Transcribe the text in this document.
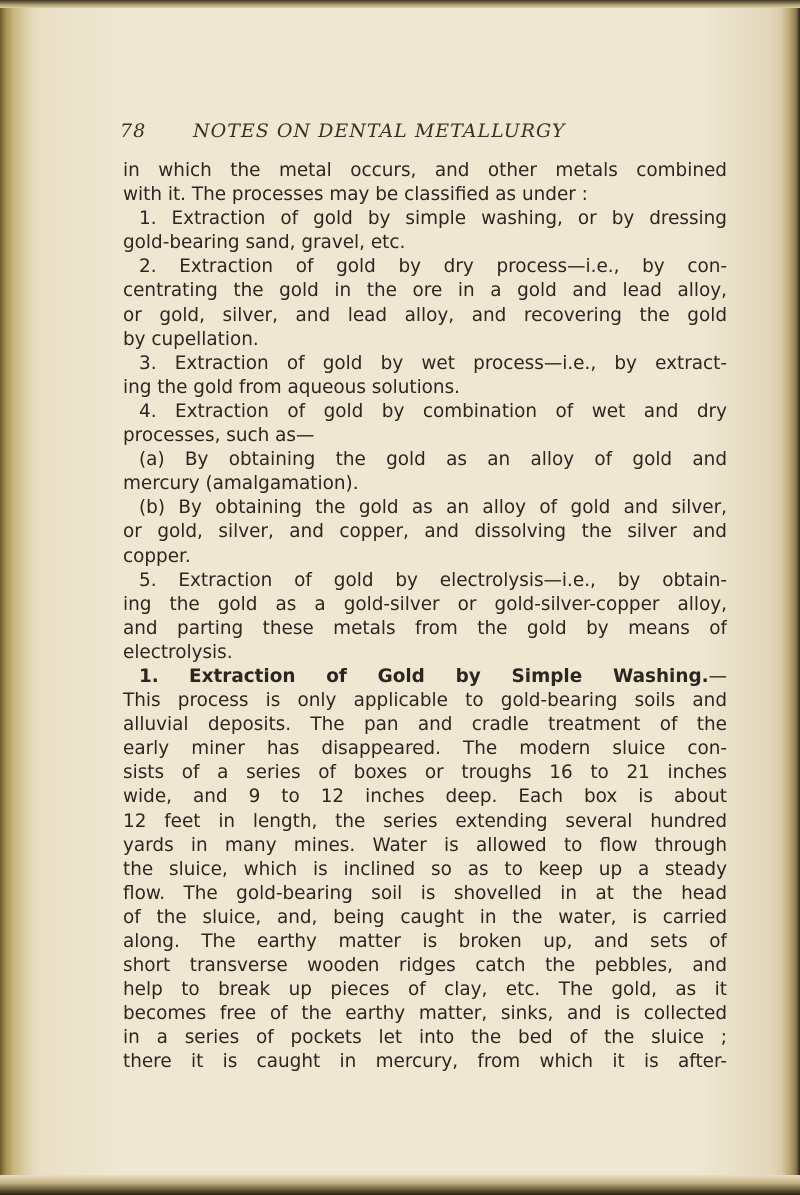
78 NOTES ON DENTAL METALLURGY
in which the metal occurs, and other metals combined
with it. The processes may be classified as under :
1. Extraction of gold by simple washing, or by dressing
gold-bearing sand, gravel, etc.
2. Extraction of gold by dry process—i.e., by con-
centrating the gold in the ore in a gold and lead alloy,
or gold, silver, and lead alloy, and recovering the gold
by cupellation.
3. Extraction of gold by wet process—i.e., by extract-
ing the gold from aqueous solutions.
4. Extraction of gold by combination of wet and dry
processes, such as—
(a) By obtaining the gold as an alloy of gold and
mercury (amalgamation).
(b) By obtaining the gold as an alloy of gold and silver,
or gold, silver, and copper, and dissolving the silver and
copper.
5. Extraction of gold by electrolysis—i.e., by obtain-
ing the gold as a gold-silver or gold-silver-copper alloy,
and parting these metals from the gold by means of
electrolysis.
1. Extraction of Gold by Simple Washing.—
This process is only applicable to gold-bearing soils and
alluvial deposits. The pan and cradle treatment of the
early miner has disappeared. The modern sluice con-
sists of a series of boxes or troughs 16 to 21 inches
wide, and 9 to 12 inches deep. Each box is about
12 feet in length, the series extending several hundred
yards in many mines. Water is allowed to flow through
the sluice, which is inclined so as to keep up a steady
flow. The gold-bearing soil is shovelled in at the head
of the sluice, and, being caught in the water, is carried
along. The earthy matter is broken up, and sets of
short transverse wooden ridges catch the pebbles, and
help to break up pieces of clay, etc. The gold, as it
becomes free of the earthy matter, sinks, and is collected
in a series of pockets let into the bed of the sluice ;
there it is caught in mercury, from which it is after-
